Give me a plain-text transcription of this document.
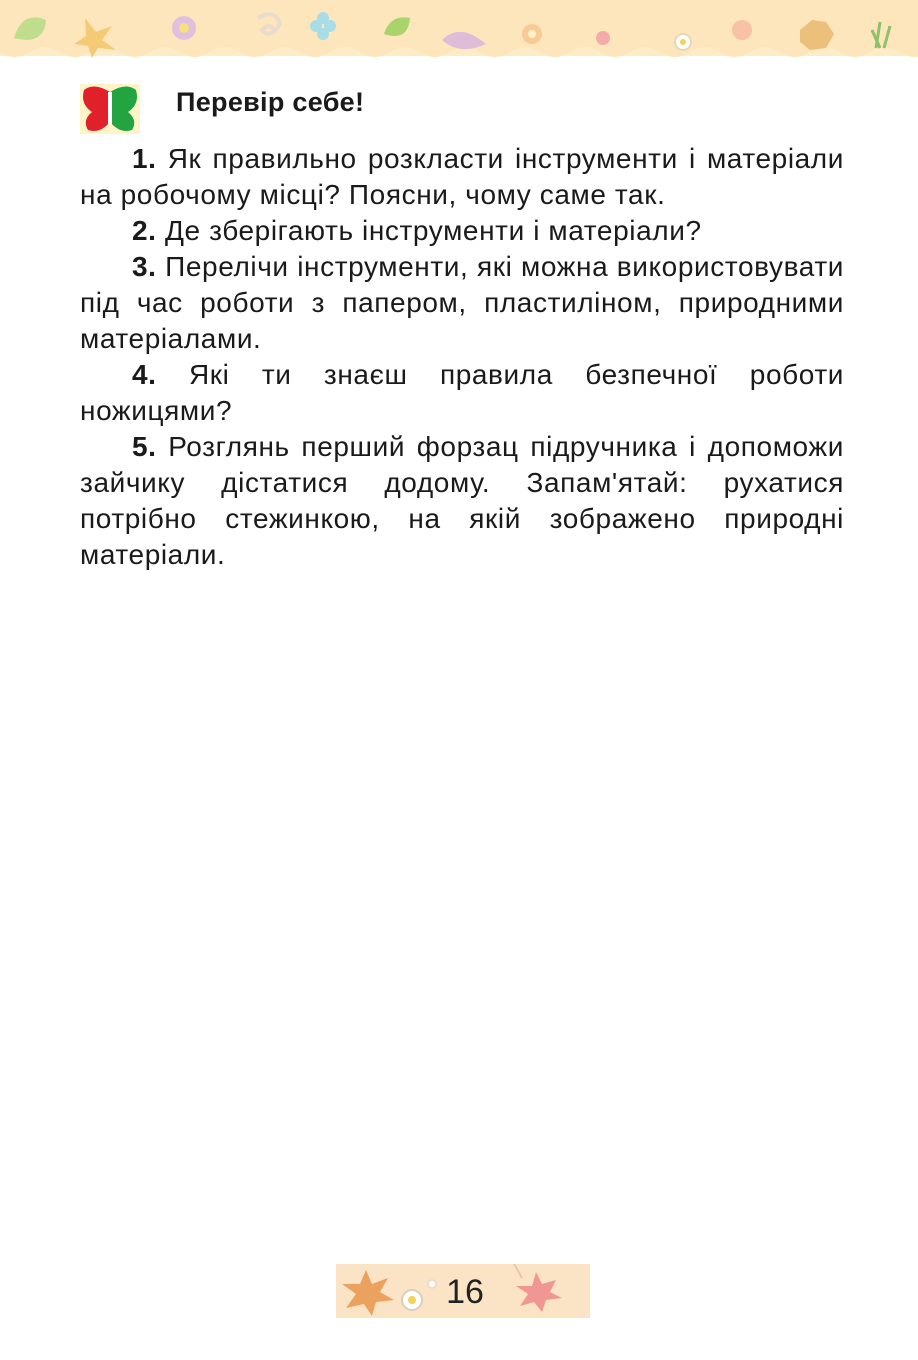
Перевір себе!

1. Як правильно розкласти інструменти і матеріали на робочому місці? Поясни, чому саме так.

2. Де зберігають інструменти і матеріали?

3. Перелічи інструменти, які можна використовувати під час роботи з папером, пластиліном, природними матеріалами.

4. Які ти знаєш правила безпечної роботи ножицями?

5. Розглянь перший форзац підручника і допоможи зайчику дістатися додому. Запам'ятай: рухатися потрібно стежинкою, на якій зображено природні матеріали.

16
